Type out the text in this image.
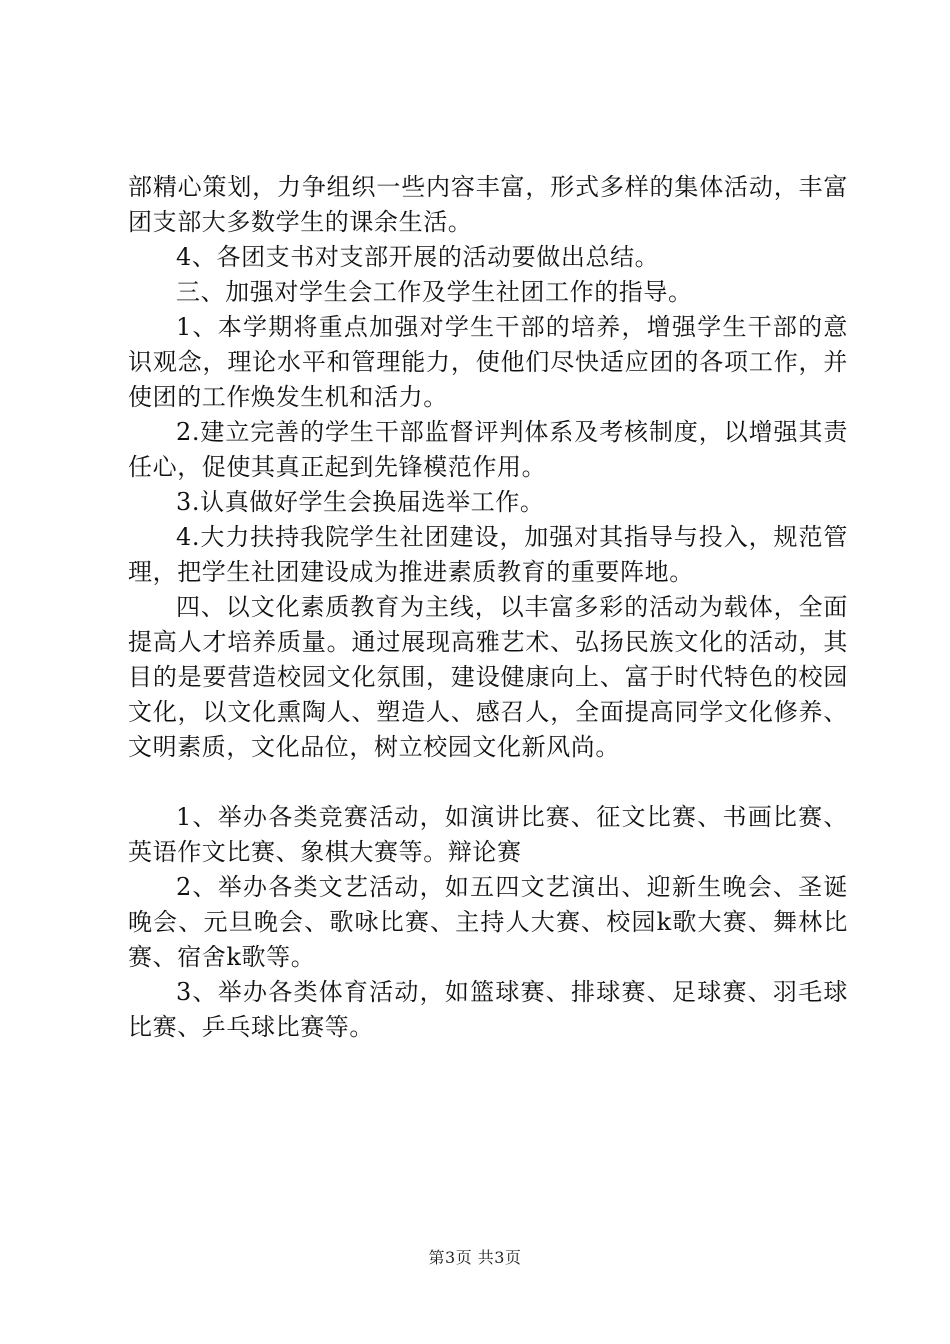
部精心策划，力争组织一些内容丰富，形式多样的集体活动，丰富团支部大多数学生的课余生活。

4、各团支书对支部开展的活动要做出总结。

三、加强对学生会工作及学生社团工作的指导。

1、本学期将重点加强对学生干部的培养，增强学生干部的意识观念，理论水平和管理能力，使他们尽快适应团的各项工作，并使团的工作焕发生机和活力。

2.建立完善的学生干部监督评判体系及考核制度，以增强其责任心，促使其真正起到先锋模范作用。

3.认真做好学生会换届选举工作。

4.大力扶持我院学生社团建设，加强对其指导与投入，规范管理，把学生社团建设成为推进素质教育的重要阵地。

四、以文化素质教育为主线，以丰富多彩的活动为载体，全面提高人才培养质量。通过展现高雅艺术、弘扬民族文化的活动，其目的是要营造校园文化氛围，建设健康向上、富于时代特色的校园文化，以文化熏陶人、塑造人、感召人，全面提高同学文化修养、文明素质，文化品位，树立校园文化新风尚。

1、举办各类竞赛活动，如演讲比赛、征文比赛、书画比赛、英语作文比赛、象棋大赛等。辩论赛

2、举办各类文艺活动，如五四文艺演出、迎新生晚会、圣诞晚会、元旦晚会、歌咏比赛、主持人大赛、校园k歌大赛、舞林比赛、宿舍k歌等。

3、举办各类体育活动，如篮球赛、排球赛、足球赛、羽毛球比赛、乒乓球比赛等。

第3页 共3页
